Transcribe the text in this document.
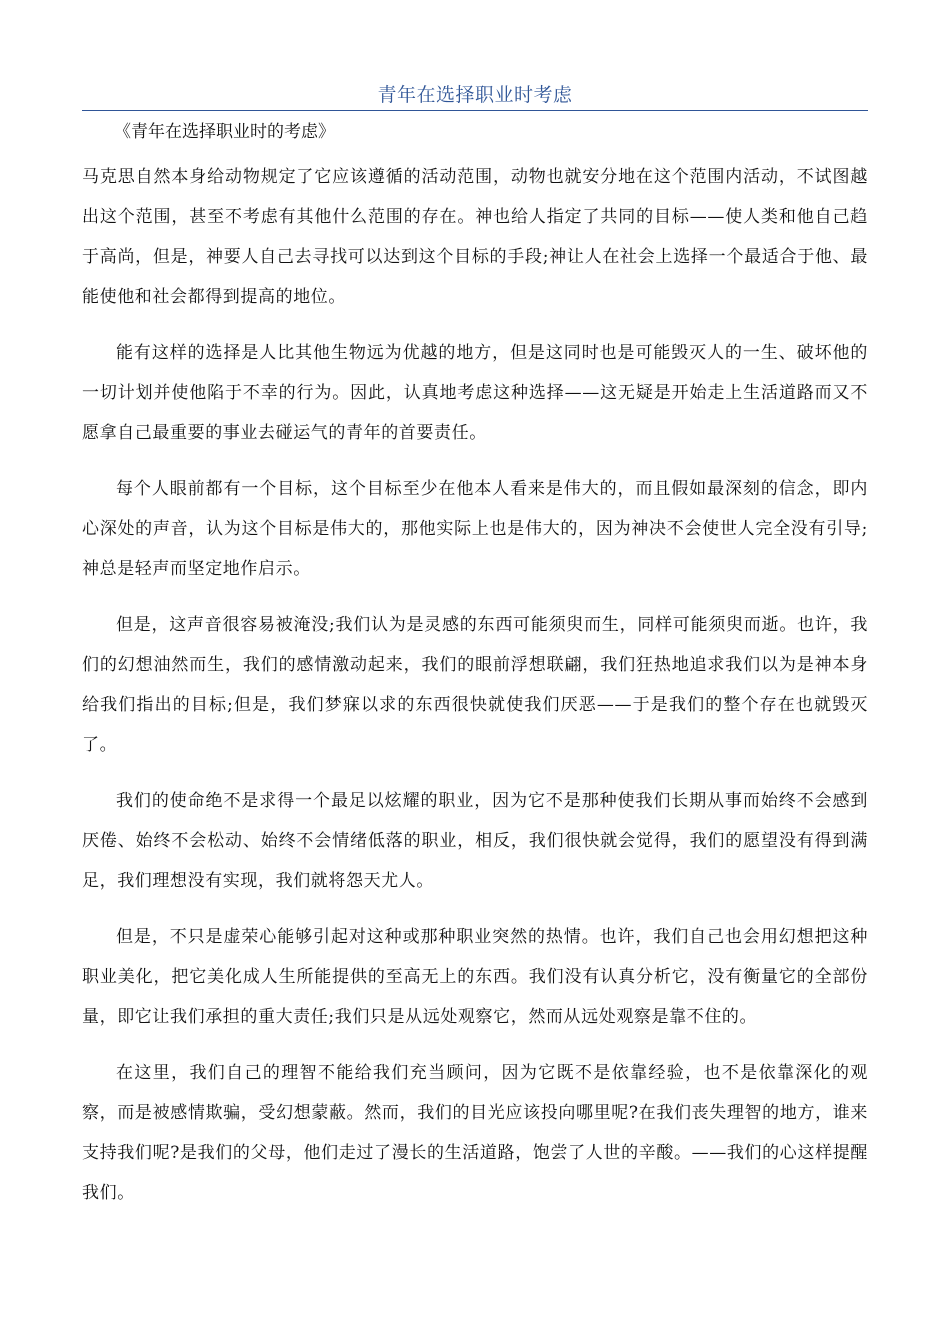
青年在选择职业时考虑
《青年在选择职业时的考虑》

马克思自然本身给动物规定了它应该遵循的活动范围，动物也就安分地在这个范围内活动，不试图越出这个范围，甚至不考虑有其他什么范围的存在。神也给人指定了共同的目标——使人类和他自己趋于高尚，但是，神要人自己去寻找可以达到这个目标的手段;神让人在社会上选择一个最适合于他、最能使他和社会都得到提高的地位。

能有这样的选择是人比其他生物远为优越的地方，但是这同时也是可能毁灭人的一生、破坏他的一切计划并使他陷于不幸的行为。因此，认真地考虑这种选择——这无疑是开始走上生活道路而又不愿拿自己最重要的事业去碰运气的青年的首要责任。

每个人眼前都有一个目标，这个目标至少在他本人看来是伟大的，而且假如最深刻的信念，即内心深处的声音，认为这个目标是伟大的，那他实际上也是伟大的，因为神决不会使世人完全没有引导;神总是轻声而坚定地作启示。

但是，这声音很容易被淹没;我们认为是灵感的东西可能须臾而生，同样可能须臾而逝。也许，我们的幻想油然而生，我们的感情激动起来，我们的眼前浮想联翩，我们狂热地追求我们以为是神本身给我们指出的目标;但是，我们梦寐以求的东西很快就使我们厌恶——于是我们的整个存在也就毁灭了。

我们的使命绝不是求得一个最足以炫耀的职业，因为它不是那种使我们长期从事而始终不会感到厌倦、始终不会松动、始终不会情绪低落的职业，相反，我们很快就会觉得，我们的愿望没有得到满足，我们理想没有实现，我们就将怨天尤人。

但是，不只是虚荣心能够引起对这种或那种职业突然的热情。也许，我们自己也会用幻想把这种职业美化，把它美化成人生所能提供的至高无上的东西。我们没有认真分析它，没有衡量它的全部份量，即它让我们承担的重大责任;我们只是从远处观察它，然而从远处观察是靠不住的。

在这里，我们自己的理智不能给我们充当顾问，因为它既不是依靠经验，也不是依靠深化的观察，而是被感情欺骗，受幻想蒙蔽。然而，我们的目光应该投向哪里呢?在我们丧失理智的地方，谁来支持我们呢?是我们的父母，他们走过了漫长的生活道路，饱尝了人世的辛酸。——我们的心这样提醒我们。
